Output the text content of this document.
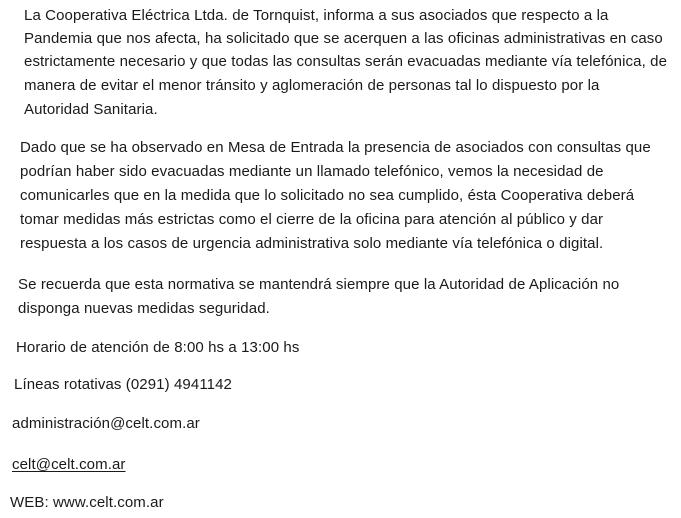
La Cooperativa Eléctrica Ltda. de Tornquist, informa a sus asociados que respecto a la
Pandemia que nos afecta, ha solicitado que se acerquen a las oficinas administrativas en caso
estrictamente necesario y que todas las consultas serán evacuadas mediante vía telefónica, de
manera de evitar el menor tránsito y aglomeración de personas tal lo dispuesto por la
Autoridad Sanitaria.
Dado que se ha observado en Mesa de Entrada la presencia de asociados con consultas que
podrían haber sido evacuadas mediante un llamado telefónico, vemos la necesidad de
comunicarles que en la medida que lo solicitado no sea cumplido, ésta Cooperativa deberá
tomar medidas más estrictas como el cierre de la oficina para atención al público y dar
respuesta a los casos de urgencia administrativa solo mediante vía telefónica o digital.
Se recuerda que esta normativa se mantendrá siempre que la Autoridad de Aplicación no
disponga nuevas medidas seguridad.
Horario de atención de 8:00 hs a 13:00 hs
Líneas rotativas (0291) 4941142
administración@celt.com.ar
celt@celt.com.ar
WEB: www.celt.com.ar
